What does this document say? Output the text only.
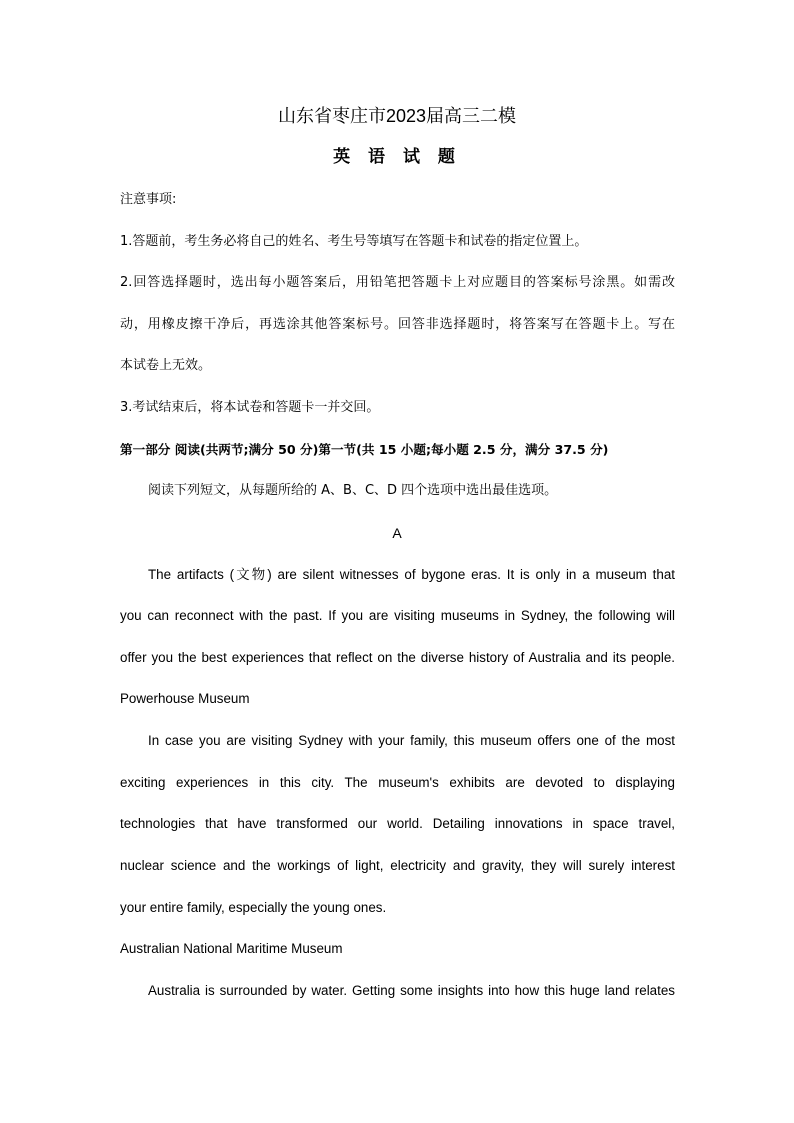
山东省枣庄市2023届高三二模
英 语 试 题
注意事项:
1.答题前，考生务必将自己的姓名、考生号等填写在答题卡和试卷的指定位置上。
2.回答选择题时，选出每小题答案后，用铅笔把答题卡上对应题目的答案标号涂黑。如需改
动，用橡皮擦干净后，再选涂其他答案标号。回答非选择题时，将答案写在答题卡上。写在
本试卷上无效。
3.考试结束后，将本试卷和答题卡一并交回。
第一部分 阅读(共两节;满分 50 分)第一节(共 15 小题;每小题 2.5 分，满分 37.5 分)
阅读下列短文，从每题所给的 A、B、C、D 四个选项中选出最佳选项。
A
The artifacts (文物) are silent witnesses of bygone eras. It is only in a museum that
you can reconnect with the past. If you are visiting museums in Sydney, the following will
offer you the best experiences that reflect on the diverse history of Australia and its people.
Powerhouse Museum
In case you are visiting Sydney with your family, this museum offers one of the most
exciting experiences in this city. The museum's exhibits are devoted to displaying
technologies that have transformed our world. Detailing innovations in space travel,
nuclear science and the workings of light, electricity and gravity, they will surely interest
your entire family, especially the young ones.
Australian National Maritime Museum
Australia is surrounded by water. Getting some insights into how this huge land relates
